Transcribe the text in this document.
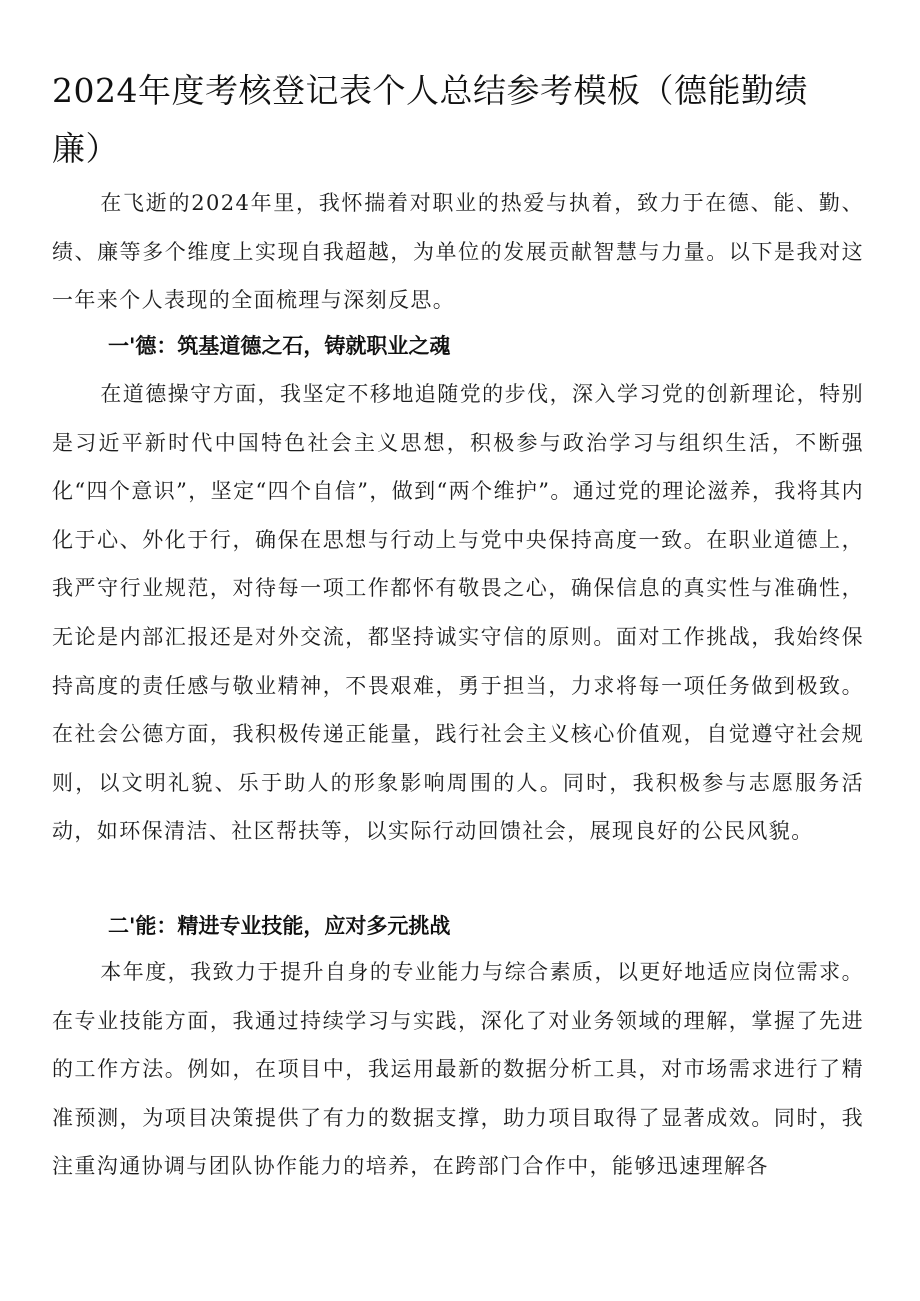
2024年度考核登记表个人总结参考模板（德能勤绩廉）

在飞逝的2024年里，我怀揣着对职业的热爱与执着，致力于在德、能、勤、绩、廉等多个维度上实现自我超越，为单位的发展贡献智慧与力量。以下是我对这一年来个人表现的全面梳理与深刻反思。

一'德：筑基道德之石，铸就职业之魂

在道德操守方面，我坚定不移地追随党的步伐，深入学习党的创新理论，特别是习近平新时代中国特色社会主义思想，积极参与政治学习与组织生活，不断强化“四个意识”，坚定“四个自信”，做到“两个维护”。通过党的理论滋养，我将其内化于心、外化于行，确保在思想与行动上与党中央保持高度一致。在职业道德上，我严守行业规范，对待每一项工作都怀有敬畏之心，确保信息的真实性与准确性，无论是内部汇报还是对外交流，都坚持诚实守信的原则。面对工作挑战，我始终保持高度的责任感与敬业精神，不畏艰难，勇于担当，力求将每一项任务做到极致。在社会公德方面，我积极传递正能量，践行社会主义核心价值观，自觉遵守社会规则，以文明礼貌、乐于助人的形象影响周围的人。同时，我积极参与志愿服务活动，如环保清洁、社区帮扶等，以实际行动回馈社会，展现良好的公民风貌。

二'能：精进专业技能，应对多元挑战

本年度，我致力于提升自身的专业能力与综合素质，以更好地适应岗位需求。在专业技能方面，我通过持续学习与实践，深化了对业务领域的理解，掌握了先进的工作方法。例如，在项目中，我运用最新的数据分析工具，对市场需求进行了精准预测，为项目决策提供了有力的数据支撑，助力项目取得了显著成效。同时，我注重沟通协调与团队协作能力的培养，在跨部门合作中，能够迅速理解各
